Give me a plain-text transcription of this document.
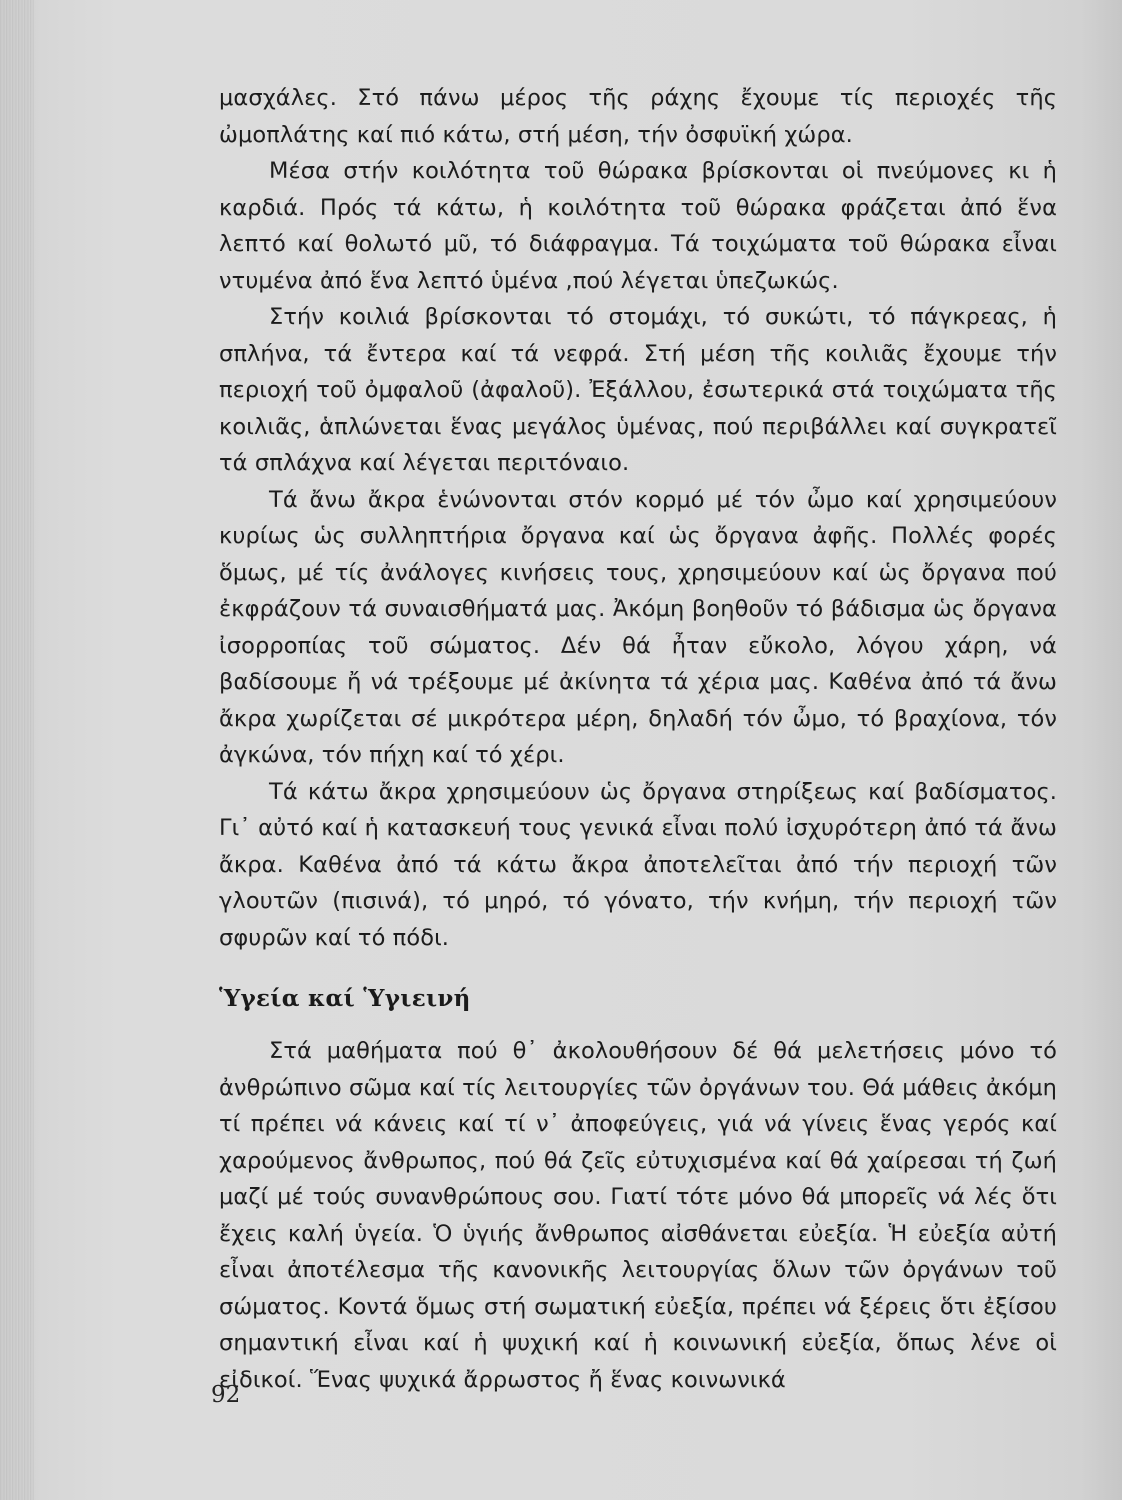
μασχάλες. Στό πάνω μέρος τῆς ράχης ἔχουμε τίς περιοχές τῆς ὠμοπλάτης καί πιό κάτω, στή μέση, τήν ὀσφυϊκή χώρα.

Μέσα στήν κοιλότητα τοῦ θώρακα βρίσκονται οἱ πνεύμονες κι ἡ καρδιά. Πρός τά κάτω, ἡ κοιλότητα τοῦ θώρακα φράζεται ἀπό ἕνα λεπτό καί θολωτό μῦ, τό διάφραγμα. Τά τοιχώματα τοῦ θώρακα εἶναι ντυμένα ἀπό ἕνα λεπτό ὑμένα ,πού λέγεται ὑπεζωκώς.

Στήν κοιλιά βρίσκονται τό στομάχι, τό συκώτι, τό πάγκρεας, ἡ σπλήνα, τά ἔντερα καί τά νεφρά. Στή μέση τῆς κοιλιᾶς ἔχουμε τήν περιοχή τοῦ ὀμφαλοῦ (ἀφαλοῦ). Ἐξάλλου, ἐσωτερικά στά τοιχώματα τῆς κοιλιᾶς, ἁπλώνεται ἕνας μεγάλος ὑμένας, πού περιβάλλει καί συγκρατεῖ τά σπλάχνα καί λέγεται περιτόναιο.

Τά ἄνω ἄκρα ἑνώνονται στόν κορμό μέ τόν ὦμο καί χρησιμεύουν κυρίως ὡς συλληπτήρια ὄργανα καί ὡς ὄργανα ἀφῆς. Πολλές φορές ὅμως, μέ τίς ἀνάλογες κινήσεις τους, χρησιμεύουν καί ὡς ὄργανα πού ἐκφράζουν τά συναισθήματά μας. Ἀκόμη βοηθοῦν τό βάδισμα ὡς ὄργανα ἰσορροπίας τοῦ σώματος. Δέν θά ἦταν εὔκολο, λόγου χάρη, νά βαδίσουμε ἤ νά τρέξουμε μέ ἀκίνητα τά χέρια μας. Καθένα ἀπό τά ἄνω ἄκρα χωρίζεται σέ μικρότερα μέρη, δηλαδή τόν ὦμο, τό βραχίονα, τόν ἀγκώνα, τόν πήχη καί τό χέρι.

Τά κάτω ἄκρα χρησιμεύουν ὡς ὄργανα στηρίξεως καί βαδίσματος. Γι᾽ αὐτό καί ἡ κατασκευή τους γενικά εἶναι πολύ ἰσχυρότερη ἀπό τά ἄνω ἄκρα. Καθένα ἀπό τά κάτω ἄκρα ἀποτελεῖται ἀπό τήν περιοχή τῶν γλουτῶν (πισινά), τό μηρό, τό γόνατο, τήν κνήμη, τήν περιοχή τῶν σφυρῶν καί τό πόδι.

Ὑγεία καί Ὑγιεινή

Στά μαθήματα πού θ᾽ ἀκολουθήσουν δέ θά μελετήσεις μόνο τό ἀνθρώπινο σῶμα καί τίς λειτουργίες τῶν ὀργάνων του. Θά μάθεις ἀκόμη τί πρέπει νά κάνεις καί τί ν᾽ ἀποφεύγεις, γιά νά γίνεις ἕνας γερός καί χαρούμενος ἄνθρωπος, πού θά ζεῖς εὐτυχισμένα καί θά χαίρεσαι τή ζωή μαζί μέ τούς συνανθρώπους σου. Γιατί τότε μόνο θά μπορεῖς νά λές ὅτι ἔχεις καλή ὑγεία. Ὁ ὑγιής ἄνθρωπος αἰσθάνεται εὐεξία. Ἡ εὐεξία αὐτή εἶναι ἀποτέλεσμα τῆς κανονικῆς λειτουργίας ὅλων τῶν ὀργάνων τοῦ σώματος. Κοντά ὅμως στή σωματική εὐεξία, πρέπει νά ξέρεις ὅτι ἐξίσου σημαντική εἶναι καί ἡ ψυχική καί ἡ κοινωνική εὐεξία, ὅπως λένε οἱ εἰδικοί. Ἕνας ψυχικά ἄρρωστος ἤ ἕνας κοινωνικά

92
